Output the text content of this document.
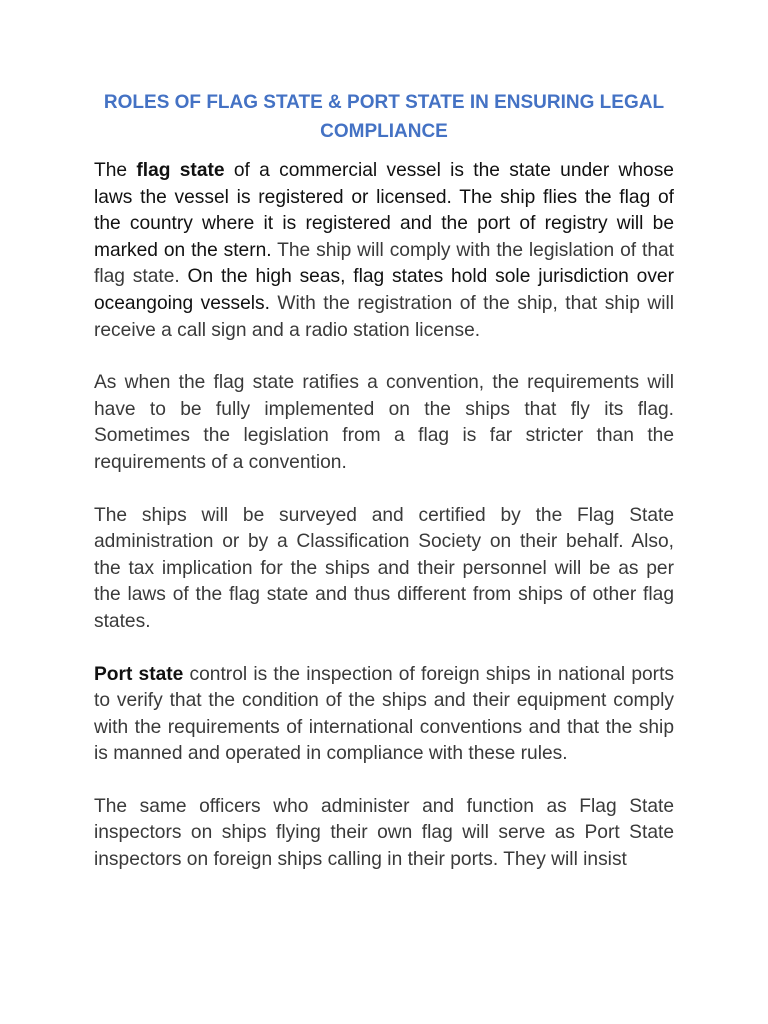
ROLES OF FLAG STATE & PORT STATE IN ENSURING LEGAL COMPLIANCE

The flag state of a commercial vessel is the state under whose laws the vessel is registered or licensed. The ship flies the flag of the country where it is registered and the port of registry will be marked on the stern. The ship will comply with the legislation of that flag state. On the high seas, flag states hold sole jurisdiction over oceangoing vessels. With the registration of the ship, that ship will receive a call sign and a radio station license.

As when the flag state ratifies a convention, the requirements will have to be fully implemented on the ships that fly its flag. Sometimes the legislation from a flag is far stricter than the requirements of a convention.

The ships will be surveyed and certified by the Flag State administration or by a Classification Society on their behalf. Also, the tax implication for the ships and their personnel will be as per the laws of the flag state and thus different from ships of other flag states.

Port state control is the inspection of foreign ships in national ports to verify that the condition of the ships and their equipment comply with the requirements of international conventions and that the ship is manned and operated in compliance with these rules.

The same officers who administer and function as Flag State inspectors on ships flying their own flag will serve as Port State inspectors on foreign ships calling in their ports. They will insist
